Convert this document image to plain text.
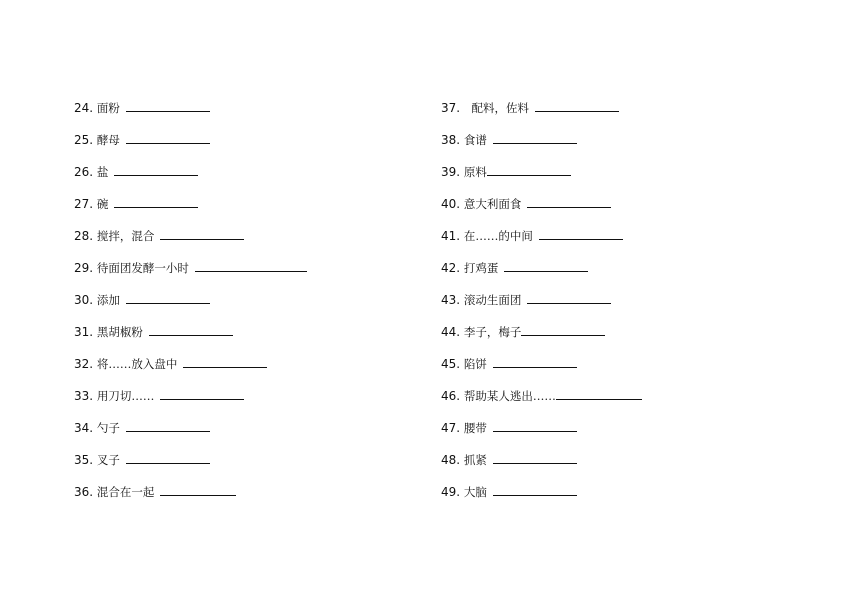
24.
面粉
25.
酵母
26.
盐
27.
碗
28.
搅拌，混合
29.
待面团发酵一小时
30.
添加
31.
黑胡椒粉
32.
将……放入盘中
33.
用刀切……
34.
勺子
35.
叉子
36.
混合在一起
37.
配料，佐料
38.
食谱
39.
原料
40.
意大利面食
41.
在……的中间
42.
打鸡蛋
43.
滚动生面团
44.
李子，梅子
45.
陷饼
46.
帮助某人逃出……
47.
腰带
48.
抓紧
49.
大脑
